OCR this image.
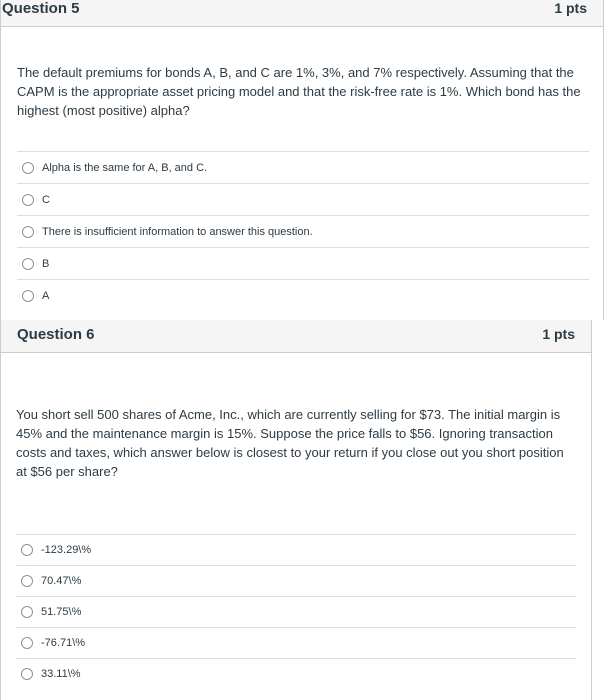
Question 5	1 pts
The default premiums for bonds A, B, and C are 1%, 3%, and 7% respectively. Assuming that the CAPM is the appropriate asset pricing model and that the risk-free rate is 1%. Which bond has the highest (most positive) alpha?
Alpha is the same for A, B, and C.
C
There is insufficient information to answer this question.
B
A
Question 6	1 pts
You short sell 500 shares of Acme, Inc., which are currently selling for $73. The initial margin is 45% and the maintenance margin is 15%. Suppose the price falls to $56. Ignoring transaction costs and taxes, which answer below is closest to your return if you close out you short position at $56 per share?
-123.29\%
70.47\%
51.75\%
-76.71\%
33.11\%
